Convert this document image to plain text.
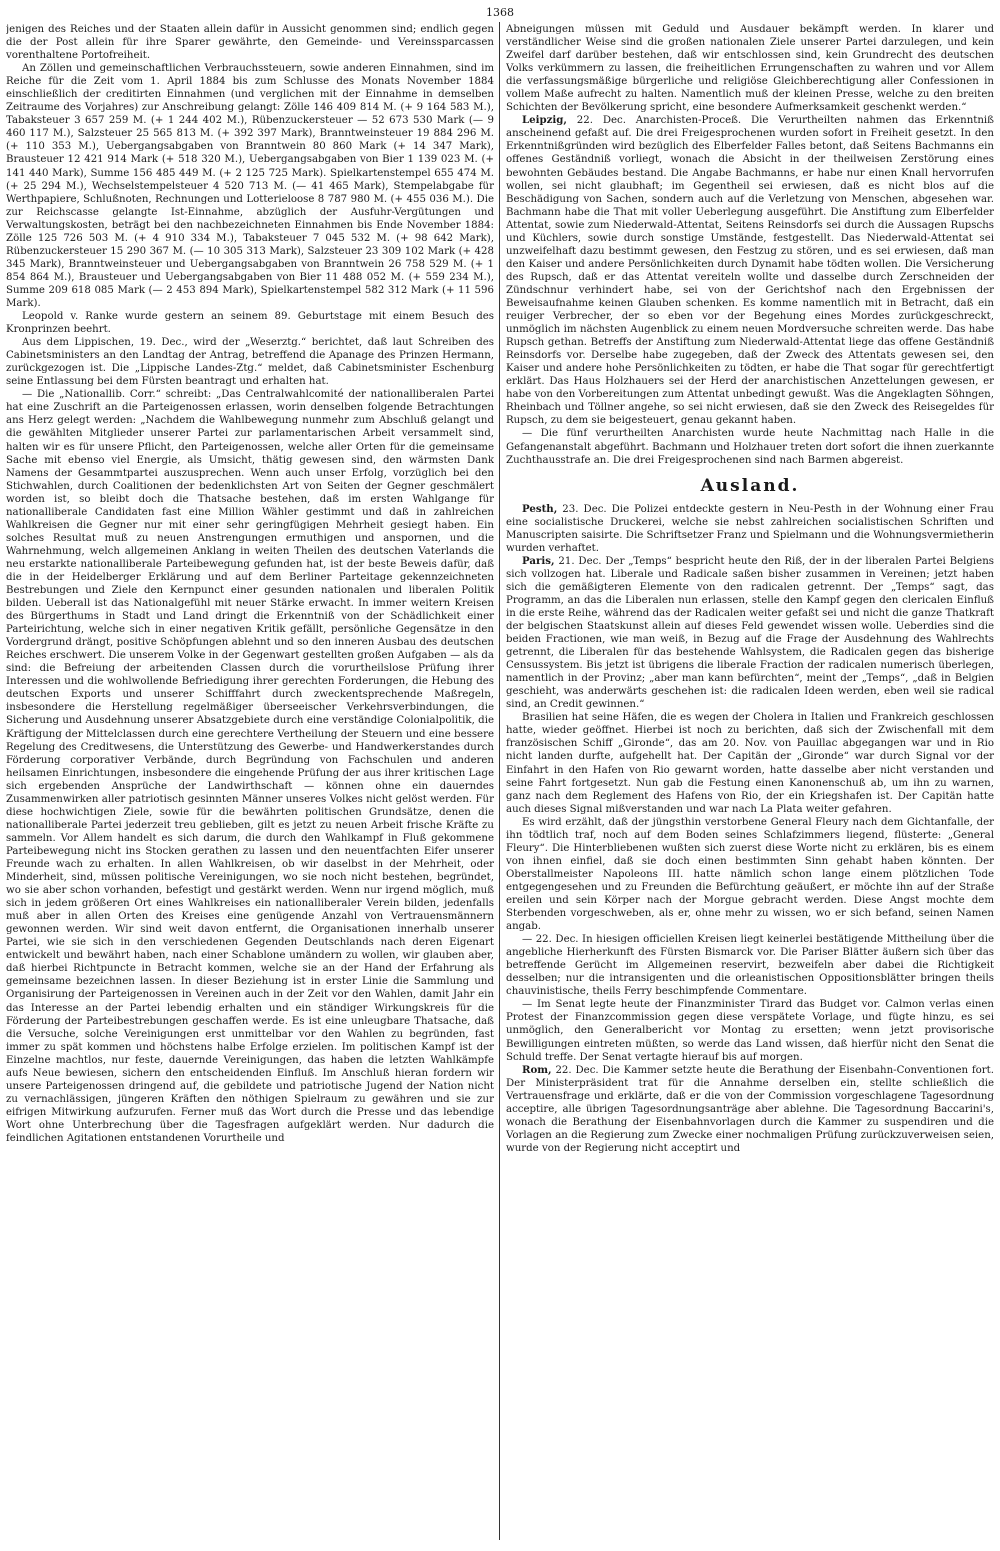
1368

jenigen des Reiches und der Staaten allein dafür in Aussicht genommen sind; endlich gegen die der Post allein für ihre Sparer gewährte, den Gemeinde- und Vereinssparcassen vorenthaltene Portofreiheit.

An Zöllen und gemeinschaftlichen Verbrauchssteuern, sowie anderen Einnahmen, sind im Reiche für die Zeit vom 1. April 1884 bis zum Schlusse des Monats November 1884 einschließlich der creditirten Einnahmen (und verglichen mit der Einnahme in demselben Zeitraume des Vorjahres) zur Anschreibung gelangt: Zölle 146 409 814 M. (+ 9 164 583 M.), Tabaksteuer 3 657 259 M. (+ 1 244 402 M.), Rübenzuckersteuer — 52 673 530 Mark (— 9 460 117 M.), Salzsteuer 25 565 813 M. (+ 392 397 Mark), Branntweinsteuer 19 884 296 M. (+ 110 353 M.), Uebergangsabgaben von Branntwein 80 860 Mark (+ 14 347 Mark), Brausteuer 12 421 914 Mark (+ 518 320 M.), Uebergangsabgaben von Bier 1 139 023 M. (+ 141 440 Mark), Summe 156 485 449 M. (+ 2 125 725 Mark). Spielkartenstempel 655 474 M. (+ 25 294 M.), Wechselstempelsteuer 4 520 713 M. (— 41 465 Mark), Stempelabgabe für Werthpapiere, Schlußnoten, Rechnungen und Lotterieloose 8 787 980 M. (+ 455 036 M.). Die zur Reichscasse gelangte Ist-Einnahme, abzüglich der Ausfuhr-Vergütungen und Verwaltungskosten, beträgt bei den nachbezeichneten Einnahmen bis Ende November 1884: Zölle 125 726 503 M. (+ 4 910 334 M.), Tabaksteuer 7 045 532 M. (+ 98 642 Mark), Rübenzuckersteuer 15 290 367 M. (— 10 305 313 Mark), Salzsteuer 23 309 102 Mark (+ 428 345 Mark), Branntweinsteuer und Uebergangsabgaben von Branntwein 26 758 529 M. (+ 1 854 864 M.), Brausteuer und Uebergangsabgaben von Bier 11 488 052 M. (+ 559 234 M.), Summe 209 618 085 Mark (— 2 453 894 Mark), Spielkartenstempel 582 312 Mark (+ 11 596 Mark).

Leopold v. Ranke wurde gestern an seinem 89. Geburtstage mit einem Besuch des Kronprinzen beehrt.

Aus dem Lippischen, 19. Dec., wird der „Weserztg.“ berichtet, daß laut Schreiben des Cabinetsministers an den Landtag der Antrag, betreffend die Apanage des Prinzen Hermann, zurückgezogen ist. Die „Lippische Landes-Ztg.“ meldet, daß Cabinetsminister Eschenburg seine Entlassung bei dem Fürsten beantragt und erhalten hat.

— Die „Nationallib. Corr.“ schreibt: „Das Centralwahlcomité der nationalliberalen Partei hat eine Zuschrift an die Parteigenossen erlassen, worin denselben folgende Betrachtungen ans Herz gelegt werden: „Nachdem die Wahlbewegung nunmehr zum Abschluß gelangt und die gewählten Mitglieder unserer Partei zur parlamentarischen Arbeit versammelt sind, halten wir es für unsere Pflicht, den Parteigenossen, welche aller Orten für die gemeinsame Sache mit ebenso viel Energie, als Umsicht, thätig gewesen sind, den wärmsten Dank Namens der Gesammtpartei auszusprechen. Wenn auch unser Erfolg, vorzüglich bei den Stichwahlen, durch Coalitionen der bedenklichsten Art von Seiten der Gegner geschmälert worden ist, so bleibt doch die Thatsache bestehen, daß im ersten Wahlgange für nationalliberale Candidaten fast eine Million Wähler gestimmt und daß in zahlreichen Wahlkreisen die Gegner nur mit einer sehr geringfügigen Mehrheit gesiegt haben. Ein solches Resultat muß zu neuen Anstrengungen ermuthigen und anspornen, und die Wahrnehmung, welch allgemeinen Anklang in weiten Theilen des deutschen Vaterlands die neu erstarkte nationalliberale Parteibewegung gefunden hat, ist der beste Beweis dafür, daß die in der Heidelberger Erklärung und auf dem Berliner Parteitage gekennzeichneten Bestrebungen und Ziele den Kernpunct einer gesunden nationalen und liberalen Politik bilden. Ueberall ist das Nationalgefühl mit neuer Stärke erwacht. In immer weitern Kreisen des Bürgerthums in Stadt und Land dringt die Erkenntniß von der Schädlichkeit einer Parteirichtung, welche sich in einer negativen Kritik gefällt, persönliche Gegensätze in den Vordergrund drängt, positive Schöpfungen ablehnt und so den inneren Ausbau des deutschen Reiches erschwert. Die unserem Volke in der Gegenwart gestellten großen Aufgaben — als da sind: die Befreiung der arbeitenden Classen durch die vorurtheilslose Prüfung ihrer Interessen und die wohlwollende Befriedigung ihrer gerechten Forderungen, die Hebung des deutschen Exports und unserer Schifffahrt durch zweckentsprechende Maßregeln, insbesondere die Herstellung regelmäßiger überseeischer Verkehrsverbindungen, die Sicherung und Ausdehnung unserer Absatzgebiete durch eine verständige Colonialpolitik, die Kräftigung der Mittelclassen durch eine gerechtere Vertheilung der Steuern und eine bessere Regelung des Creditwesens, die Unterstützung des Gewerbe- und Handwerkerstandes durch Förderung corporativer Verbände, durch Begründung von Fachschulen und anderen heilsamen Einrichtungen, insbesondere die eingehende Prüfung der aus ihrer kritischen Lage sich ergebenden Ansprüche der Landwirthschaft — können ohne ein dauerndes Zusammenwirken aller patriotisch gesinnten Männer unseres Volkes nicht gelöst werden. Für diese hochwichtigen Ziele, sowie für die bewährten politischen Grundsätze, denen die nationalliberale Partei jederzeit treu geblieben, gilt es jetzt zu neuen Arbeit frische Kräfte zu sammeln. Vor Allem handelt es sich darum, die durch den Wahlkampf in Fluß gekommene Parteibewegung nicht ins Stocken gerathen zu lassen und den neuentfachten Eifer unserer Freunde wach zu erhalten. In allen Wahlkreisen, ob wir daselbst in der Mehrheit, oder Minderheit, sind, müssen politische Vereinigungen, wo sie noch nicht bestehen, begründet, wo sie aber schon vorhanden, befestigt und gestärkt werden. Wenn nur irgend möglich, muß sich in jedem größeren Ort eines Wahlkreises ein nationalliberaler Verein bilden, jedenfalls muß aber in allen Orten des Kreises eine genügende Anzahl von Vertrauensmännern gewonnen werden. Wir sind weit davon entfernt, die Organisationen innerhalb unserer Partei, wie sie sich in den verschiedenen Gegenden Deutschlands nach deren Eigenart entwickelt und bewährt haben, nach einer Schablone umändern zu wollen, wir glauben aber, daß hierbei Richtpuncte in Betracht kommen, welche sie an der Hand der Erfahrung als gemeinsame bezeichnen lassen. In dieser Beziehung ist in erster Linie die Sammlung und Organisirung der Parteigenossen in Vereinen auch in der Zeit vor den Wahlen, damit Jahr ein das Interesse an der Partei lebendig erhalten und ein ständiger Wirkungskreis für die Förderung der Parteibestrebungen geschaffen werde. Es ist eine unleugbare Thatsache, daß die Versuche, solche Vereinigungen erst unmittelbar vor den Wahlen zu begründen, fast immer zu spät kommen und höchstens halbe Erfolge erzielen. Im politischen Kampf ist der Einzelne machtlos, nur feste, dauernde Vereinigungen, das haben die letzten Wahlkämpfe aufs Neue bewiesen, sichern den entscheidenden Einfluß. Im Anschluß hieran fordern wir unsere Parteigenossen dringend auf, die gebildete und patriotische Jugend der Nation nicht zu vernachlässigen, jüngeren Kräften den nöthigen Spielraum zu gewähren und sie zur eifrigen Mitwirkung aufzurufen. Ferner muß das Wort durch die Presse und das lebendige Wort ohne Unterbrechung über die Tagesfragen aufgeklärt werden. Nur dadurch die feindlichen Agitationen entstandenen Vorurtheile und

Abneigungen müssen mit Geduld und Ausdauer bekämpft werden. In klarer und verständlicher Weise sind die großen nationalen Ziele unserer Partei darzulegen, und kein Zweifel darf darüber bestehen, daß wir entschlossen sind, kein Grundrecht des deutschen Volks verkümmern zu lassen, die freiheitlichen Errungenschaften zu wahren und vor Allem die verfassungsmäßige bürgerliche und religiöse Gleichberechtigung aller Confessionen in vollem Maße aufrecht zu halten. Namentlich muß der kleinen Presse, welche zu den breiten Schichten der Bevölkerung spricht, eine besondere Aufmerksamkeit geschenkt werden.“

Leipzig, 22. Dec. Anarchisten-Proceß. Die Verurtheilten nahmen das Erkenntniß anscheinend gefaßt auf. Die drei Freigesprochenen wurden sofort in Freiheit gesetzt. In den Erkenntnißgründen wird bezüglich des Elberfelder Falles betont, daß Seitens Bachmanns ein offenes Geständniß vorliegt, wonach die Absicht in der theilweisen Zerstörung eines bewohnten Gebäudes bestand. Die Angabe Bachmanns, er habe nur einen Knall hervorrufen wollen, sei nicht glaubhaft; im Gegentheil sei erwiesen, daß es nicht blos auf die Beschädigung von Sachen, sondern auch auf die Verletzung von Menschen, abgesehen war. Bachmann habe die That mit voller Ueberlegung ausgeführt. Die Anstiftung zum Elberfelder Attentat, sowie zum Niederwald-Attentat, Seitens Reinsdorfs sei durch die Aussagen Rupschs und Küchlers, sowie durch sonstige Umstände, festgestellt. Das Niederwald-Attentat sei unzweifelhaft dazu bestimmt gewesen, den Festzug zu stören, und es sei erwiesen, daß man den Kaiser und andere Persönlichkeiten durch Dynamit habe tödten wollen. Die Versicherung des Rupsch, daß er das Attentat vereiteln wollte und dasselbe durch Zerschneiden der Zündschnur verhindert habe, sei von der Gerichtshof nach den Ergebnissen der Beweisaufnahme keinen Glauben schenken. Es komme namentlich mit in Betracht, daß ein reuiger Verbrecher, der so eben vor der Begehung eines Mordes zurückgeschreckt, unmöglich im nächsten Augenblick zu einem neuen Mordversuche schreiten werde. Das habe Rupsch gethan. Betreffs der Anstiftung zum Niederwald-Attentat liege das offene Geständniß Reinsdorfs vor. Derselbe habe zugegeben, daß der Zweck des Attentats gewesen sei, den Kaiser und andere hohe Persönlichkeiten zu tödten, er habe die That sogar für gerechtfertigt erklärt. Das Haus Holzhauers sei der Herd der anarchistischen Anzettelungen gewesen, er habe von den Vorbereitungen zum Attentat unbedingt gewußt. Was die Angeklagten Söhngen, Rheinbach und Töllner angehe, so sei nicht erwiesen, daß sie den Zweck des Reisegeldes für Rupsch, zu dem sie beigesteuert, genau gekannt haben.

— Die fünf verurtheilten Anarchisten wurde heute Nachmittag nach Halle in die Gefangenanstalt abgeführt. Bachmann und Holzhauer treten dort sofort die ihnen zuerkannte Zuchthausstrafe an. Die drei Freigesprochenen sind nach Barmen abgereist.

Ausland.

Pesth, 23. Dec. Die Polizei entdeckte gestern in Neu-Pesth in der Wohnung einer Frau eine socialistische Druckerei, welche sie nebst zahlreichen socialistischen Schriften und Manuscripten saisirte. Die Schriftsetzer Franz und Spielmann und die Wohnungsvermietherin wurden verhaftet.

Paris, 21. Dec. Der „Temps“ bespricht heute den Riß, der in der liberalen Partei Belgiens sich vollzogen hat. Liberale und Radicale saßen bisher zusammen in Vereinen; jetzt haben sich die gemäßigteren Elemente von den radicalen getrennt. Der „Temps“ sagt, das Programm, an das die Liberalen nun erlassen, stelle den Kampf gegen den clericalen Einfluß in die erste Reihe, während das der Radicalen weiter gefaßt sei und nicht die ganze Thatkraft der belgischen Staatskunst allein auf dieses Feld gewendet wissen wolle. Ueberdies sind die beiden Fractionen, wie man weiß, in Bezug auf die Frage der Ausdehnung des Wahlrechts getrennt, die Liberalen für das bestehende Wahlsystem, die Radicalen gegen das bisherige Censussystem. Bis jetzt ist übrigens die liberale Fraction der radicalen numerisch überlegen, namentlich in der Provinz; „aber man kann befürchten“, meint der „Temps“, „daß in Belgien geschieht, was anderwärts geschehen ist: die radicalen Ideen werden, eben weil sie radical sind, an Credit gewinnen.“

Brasilien hat seine Häfen, die es wegen der Cholera in Italien und Frankreich geschlossen hatte, wieder geöffnet. Hierbei ist noch zu berichten, daß sich der Zwischenfall mit dem französischen Schiff „Gironde“, das am 20. Nov. von Pauillac abgegangen war und in Rio nicht landen durfte, aufgehellt hat. Der Capitän der „Gironde“ war durch Signal vor der Einfahrt in den Hafen von Rio gewarnt worden, hatte dasselbe aber nicht verstanden und seine Fahrt fortgesetzt. Nun gab die Festung einen Kanonenschuß ab, um ihn zu warnen, ganz nach dem Reglement des Hafens von Rio, der ein Kriegshafen ist. Der Capitän hatte auch dieses Signal mißverstanden und war nach La Plata weiter gefahren.

Es wird erzählt, daß der jüngsthin verstorbene General Fleury nach dem Gichtanfalle, der ihn tödtlich traf, noch auf dem Boden seines Schlafzimmers liegend, flüsterte: „General Fleury“. Die Hinterbliebenen wußten sich zuerst diese Worte nicht zu erklären, bis es einem von ihnen einfiel, daß sie doch einen bestimmten Sinn gehabt haben könnten. Der Oberstallmeister Napoleons III. hatte nämlich schon lange einem plötzlichen Tode entgegengesehen und zu Freunden die Befürchtung geäußert, er möchte ihn auf der Straße ereilen und sein Körper nach der Morgue gebracht werden. Diese Angst mochte dem Sterbenden vorgeschweben, als er, ohne mehr zu wissen, wo er sich befand, seinen Namen angab.

— 22. Dec. In hiesigen officiellen Kreisen liegt keinerlei bestätigende Mittheilung über die angebliche Hierherkunft des Fürsten Bismarck vor. Die Pariser Blätter äußern sich über das betreffende Gerücht im Allgemeinen reservirt, bezweifeln aber dabei die Richtigkeit desselben; nur die intransigenten und die orleanistischen Oppositionsblätter bringen theils chauvinistische, theils Ferry beschimpfende Commentare.

— Im Senat legte heute der Finanzminister Tirard das Budget vor. Calmon verlas einen Protest der Finanzcommission gegen diese verspätete Vorlage, und fügte hinzu, es sei unmöglich, den Generalbericht vor Montag zu ersetten; wenn jetzt provisorische Bewilligungen eintreten müßten, so werde das Land wissen, daß hierfür nicht den Senat die Schuld treffe. Der Senat vertagte hierauf bis auf morgen.

Rom, 22. Dec. Die Kammer setzte heute die Berathung der Eisenbahn-Conventionen fort. Der Ministerpräsident trat für die Annahme derselben ein, stellte schließlich die Vertrauensfrage und erklärte, daß er die von der Commission vorgeschlagene Tagesordnung acceptire, alle übrigen Tagesordnungsanträge aber ablehne. Die Tagesordnung Baccarini's, wonach die Berathung der Eisenbahnvorlagen durch die Kammer zu suspendiren und die Vorlagen an die Regierung zum Zwecke einer nochmaligen Prüfung zurückzuverweisen seien, wurde von der Regierung nicht acceptirt und
